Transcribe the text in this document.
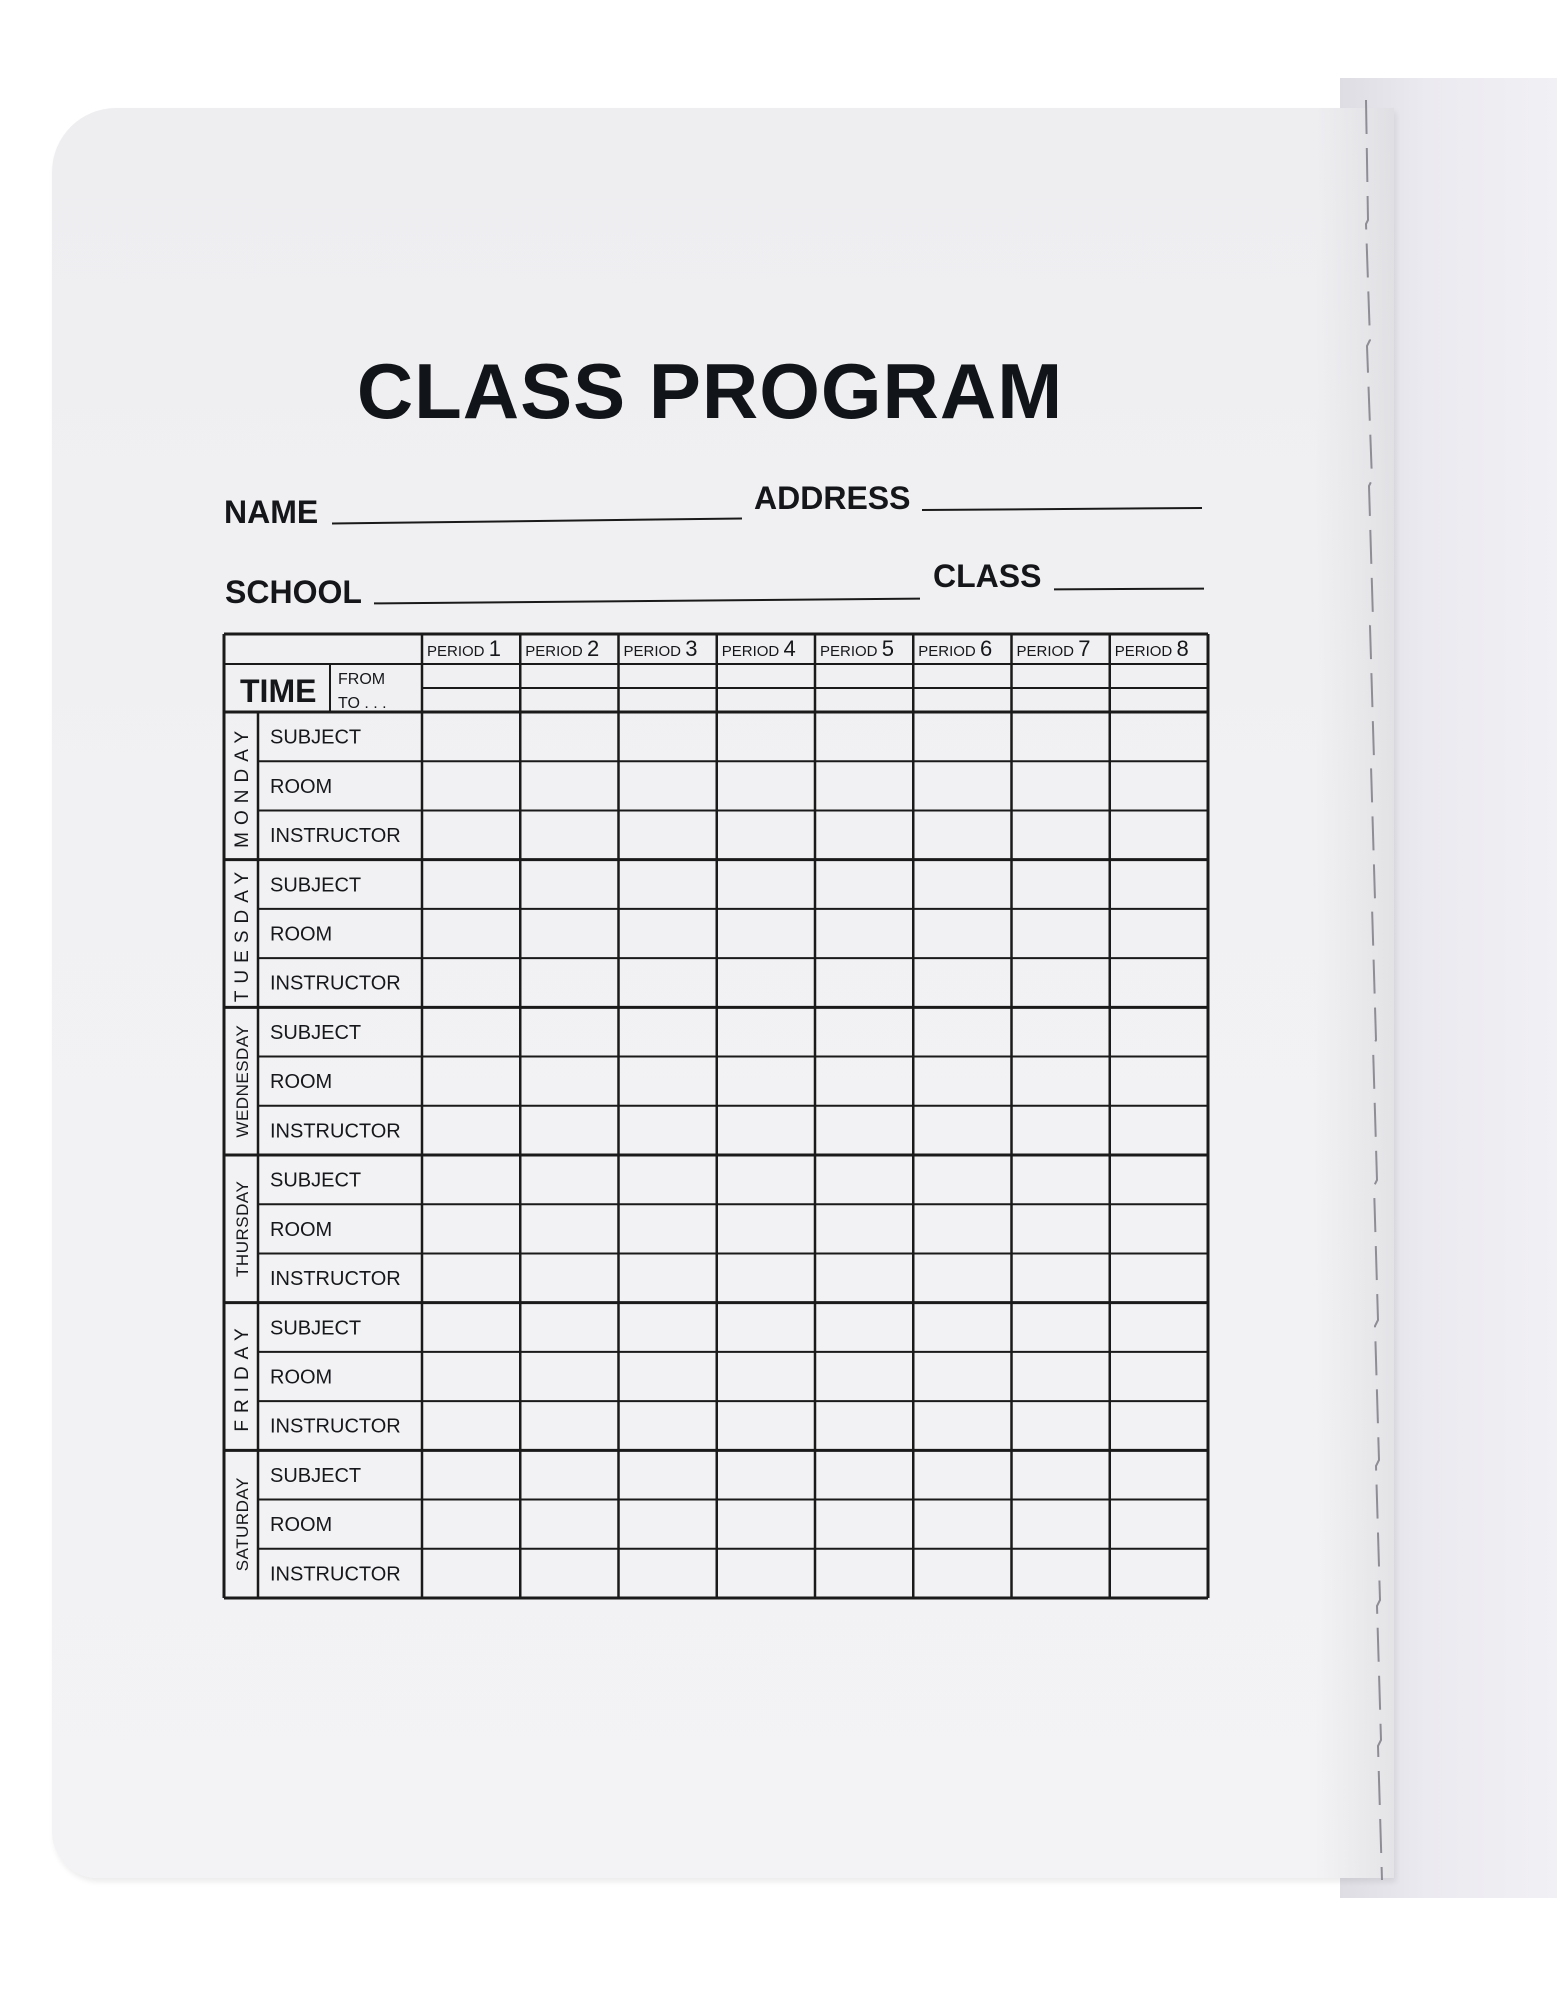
CLASS PROGRAM
NAME	ADDRESS
SCHOOL	CLASS
PERIOD 1 PERIOD 2 PERIOD 3 PERIOD 4 PERIOD 5 PERIOD 6 PERIOD 7 PERIOD 8
TIME FROM
TO . . .
MONDAY SUBJECT
ROOM
INSTRUCTOR
TUESDAY SUBJECT
ROOM
INSTRUCTOR
WEDNESDAY SUBJECT
ROOM
INSTRUCTOR
THURSDAY
SUBJECT
ROOM
INSTRUCTOR
FRIDAY SUBJECT
ROOM
INSTRUCTOR
SATURDAY
SUBJECT
ROOM
INSTRUCTOR
